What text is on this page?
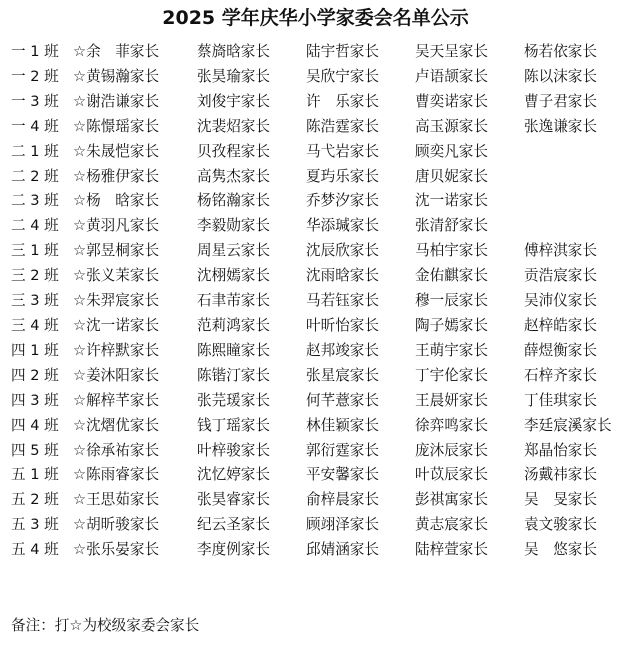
2025 学年庆华小学家委会名单公示
一 1 班	☆余　菲家长	蔡旖晗家长	陆宇哲家长	吴天呈家长	杨若依家长
一 2 班	☆黄锡瀚家长	张昊瑜家长	吴欣宁家长	卢语颉家长	陈以沫家长
一 3 班	☆谢浩谦家长	刘俊宇家长	许　乐家长	曹奕诺家长	曹子君家长
一 4 班	☆陈憬瑶家长	沈裴炤家长	陈浩霆家长	高玉源家长	张逸谦家长
二 1 班	☆朱晟恺家长	贝孜程家长	马弋岩家长	顾奕凡家长	
二 2 班	☆杨雅伊家长	高隽杰家长	夏玙乐家长	唐贝妮家长	
二 3 班	☆杨　晗家长	杨铭瀚家长	乔梦汐家长	沈一诺家长	
二 4 班	☆黄羽凡家长	李毅勋家长	华添瑊家长	张清舒家长	
三 1 班	☆郭昱桐家长	周星云家长	沈辰欣家长	马柏宇家长	傅梓淇家长
三 2 班	☆张义茉家长	沈栩嫣家长	沈雨晗家长	金佑麒家长	贡浩宸家长
三 3 班	☆朱羿宸家长	石聿芾家长	马若钰家长	穆一辰家长	吴沛仪家长
三 4 班	☆沈一诺家长	范莉鸿家长	叶昕怡家长	陶子嫣家长	赵梓皓家长
四 1 班	☆许梓默家长	陈熙瞳家长	赵邦竣家长	王萌宇家长	薛煜衡家长
四 2 班	☆姜沐阳家长	陈锴汀家长	张星宸家长	丁宇伦家长	石梓齐家长
四 3 班	☆解梓芊家长	张芫瑗家长	何芊薏家长	王晨妍家长	丁佳琪家长
四 4 班	☆沈熠优家长	钱丁瑶家长	林佳颖家长	徐弈鸣家长	李廷宸溪家长
四 5 班	☆徐承祐家长	叶梓骏家长	郭衍霆家长	庞沐辰家长	郑晶怡家长
五 1 班	☆陈雨睿家长	沈忆婷家长	平安馨家长	叶苡辰家长	汤戴祎家长
五 2 班	☆王思茹家长	张昊睿家长	俞梓晨家长	彭祺寓家长	吴　旻家长
五 3 班	☆胡昕骏家长	纪云圣家长	顾翊泽家长	黄志宸家长	袁文骏家长
五 4 班	☆张乐晏家长	李度例家长	邱婧涵家长	陆梓萱家长	吴　悠家长
备注：打☆为校级家委会家长
